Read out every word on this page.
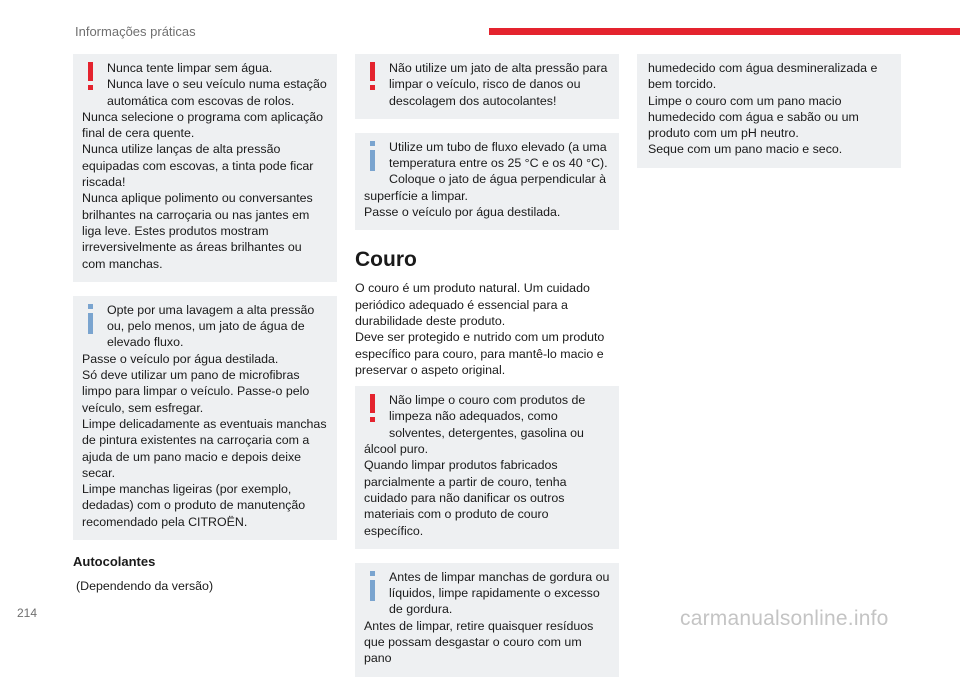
Informações práticas

Nunca tente limpar sem água.

Nunca lave o seu veículo numa estação automática com escovas de rolos.

Nunca selecione o programa com aplicação final de cera quente.

Nunca utilize lanças de alta pressão equipadas com escovas, a tinta pode ficar riscada!

Nunca aplique polimento ou conversantes brilhantes na carroçaria ou nas jantes em liga leve. Estes produtos mostram irreversivelmente as áreas brilhantes ou com manchas.

Opte por uma lavagem a alta pressão ou, pelo menos, um jato de água de elevado fluxo.

Passe o veículo por água destilada.

Só deve utilizar um pano de microfibras limpo para limpar o veículo. Passe-o pelo veículo, sem esfregar.

Limpe delicadamente as eventuais manchas de pintura existentes na carroçaria com a ajuda de um pano macio e depois deixe secar.

Limpe manchas ligeiras (por exemplo, dedadas) com o produto de manutenção recomendado pela CITROËN.

Autocolantes

(Dependendo da versão)

Não utilize um jato de alta pressão para limpar o veículo, risco de danos ou descolagem dos autocolantes!

Utilize um tubo de fluxo elevado (a uma temperatura entre os 25 °C e os 40 °C).

Coloque o jato de água perpendicular à superfície a limpar.

Passe o veículo por água destilada.

Couro

O couro é um produto natural. Um cuidado periódico adequado é essencial para a durabilidade deste produto.

Deve ser protegido e nutrido com um produto específico para couro, para mantê-lo macio e preservar o aspeto original.

Não limpe o couro com produtos de limpeza não adequados, como solventes, detergentes, gasolina ou álcool puro.

Quando limpar produtos fabricados parcialmente a partir de couro, tenha cuidado para não danificar os outros materiais com o produto de couro específico.

Antes de limpar manchas de gordura ou líquidos, limpe rapidamente o excesso de gordura.

Antes de limpar, retire quaisquer resíduos que possam desgastar o couro com um pano

humedecido com água desmineralizada e bem torcido.

Limpe o couro com um pano macio humedecido com água e sabão ou um produto com um pH neutro.

Seque com um pano macio e seco.

214	carmanualsonline.info
